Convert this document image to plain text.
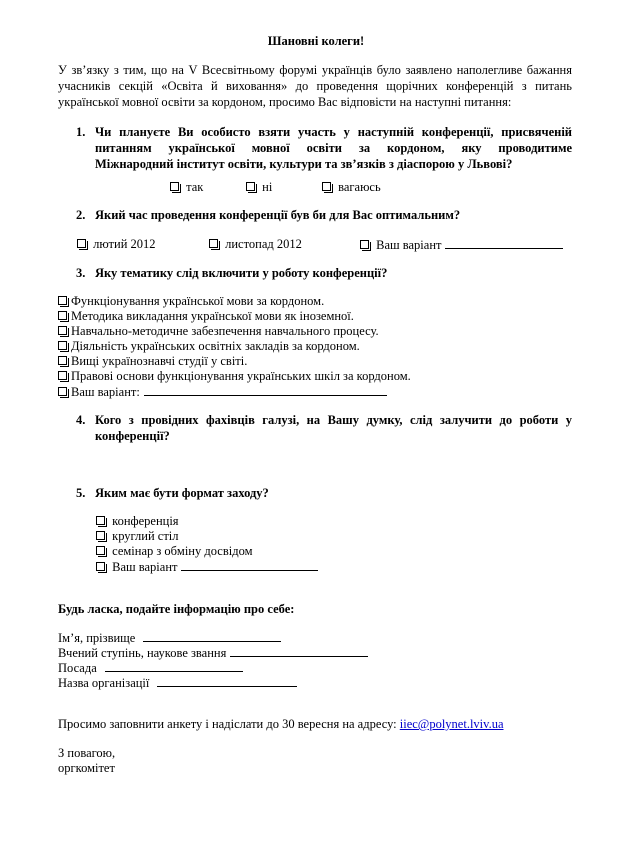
Шановні колеги!
У зв’язку з тим, що на V Всесвітньому форумі українців було заявлено наполегливе бажання
учасників секцій «Освіта й виховання» до проведення щорічних конференцій з питань
української мовної освіти за кордоном, просимо Вас відповісти на наступні питання:
1. Чи плануєте Ви особисто взяти участь у наступній конференції, присвяченій
питанням української мовної освіти за кордоном, яку проводитиме
Міжнародний інститут освіти, культури та зв’язків з діаспорою у Львові?
так	ні	вагаюсь
2. Який час проведення конференції був би для Вас оптимальним?
лютий 2012	листопад 2012	Ваш варіант
3. Яку тематику слід включити у роботу конференції?
Функціонування української мови за кордоном.
Методика викладання української мови як іноземної.
Навчально-методичне забезпечення навчального процесу.
Діяльність українських освітніх закладів за кордоном.
Вищі українознавчі студії у світі.
Правові основи функціонування українських шкіл за кордоном.
Ваш варіант:
4. Кого з провідних фахівців галузі, на Вашу думку, слід залучити до роботи у
конференції?
5. Яким має бути формат заходу?
конференція
круглий стіл
семінар з обміну досвідом
Ваш варіант
Будь ласка, подайте інформацію про себе:
Ім’я, прізвище
Вчений ступінь, наукове звання
Посада
Назва організації
Просимо заповнити анкету і надіслати до 30 вересня на адресу: iiec@polynet.lviv.ua
З повагою,
оргкомітет
